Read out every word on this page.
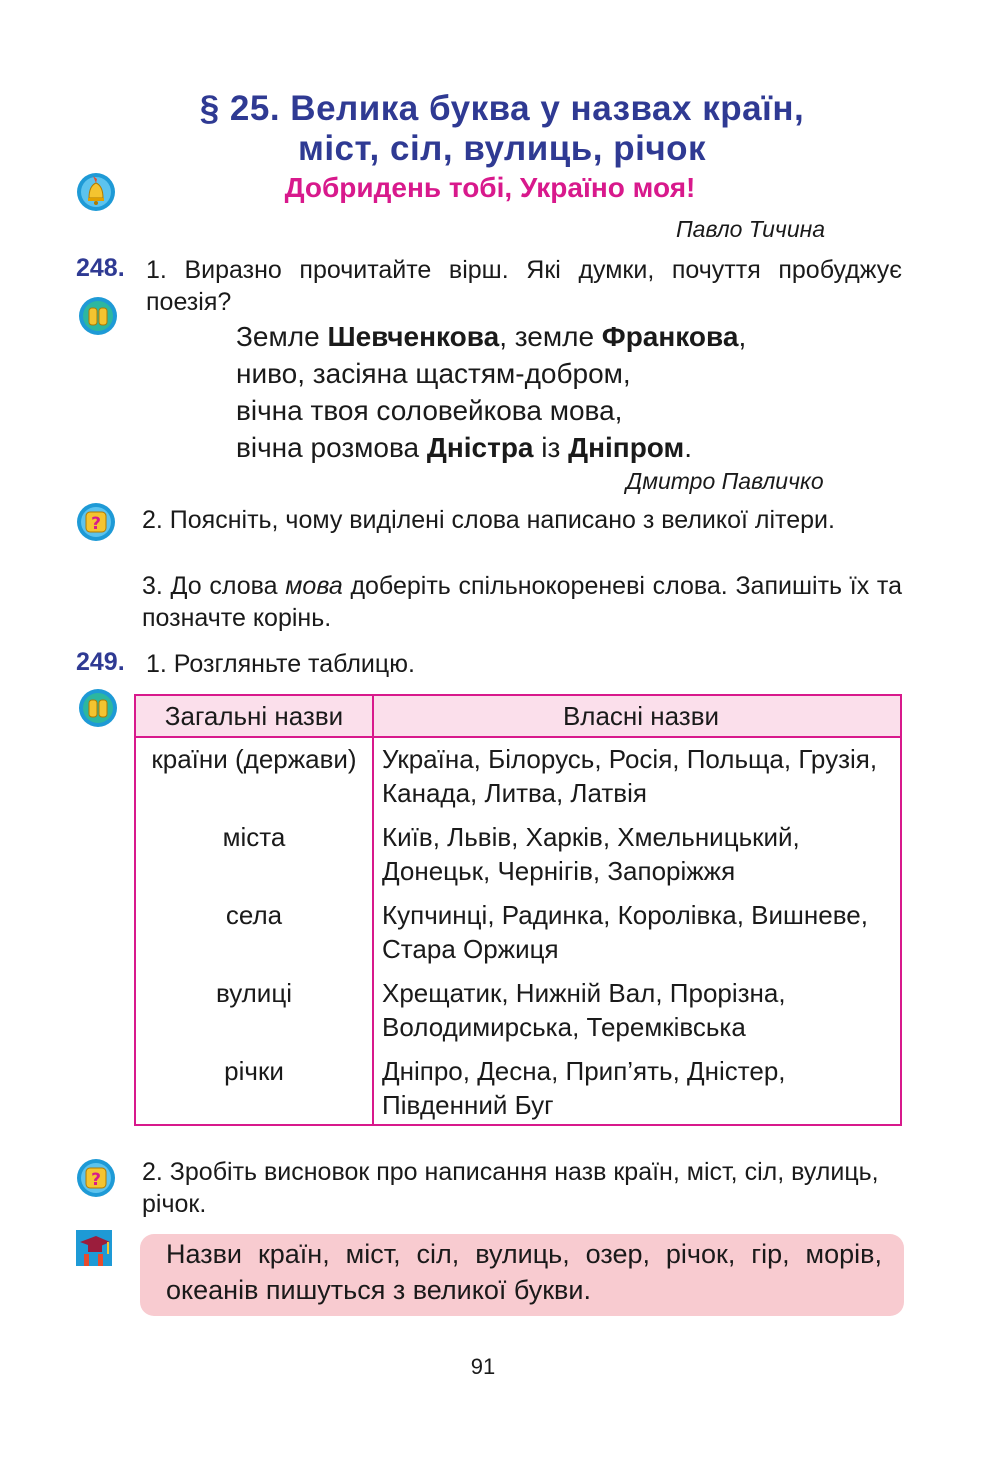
§ 25. Велика буква у назвах країн,
міст, сіл, вулиць, річок
Добридень тобі, Україно моя!
Павло Тичина
248. 1. Виразно прочитайте вірш. Які думки, почуття пробуджує поезія?
Земле Шевченкова, земле Франкова,
ниво, засіяна щастям-добром,
вічна твоя соловейкова мова,
вічна розмова Дністра із Дніпром.
Дмитро Павличко
? 2. Поясніть, чому виділені слова написано з великої літери.
3. До слова мова доберіть спільнокореневі слова. Запишіть їх та позначте корінь.
249. 1. Розгляньте таблицю.
Загальні назви	Власні назви
країни (держави)	Україна, Білорусь, Росія, Польща, Грузія, Канада, Литва, Латвія
міста	Київ, Львів, Харків, Хмельницький, Донецьк, Чернігів, Запоріжжя
села	Купчинці, Радинка, Королівка, Вишневе, Стара Оржиця
вулиці	Хрещатик, Нижній Вал, Прорізна, Володимирська, Теремківська
річки	Дніпро, Десна, Прип’ять, Дністер, Південний Буг
? 2. Зробіть висновок про написання назв країн, міст, сіл, вулиць, річок.
Назви країн, міст, сіл, вулиць, озер, річок, гір, морів, океанів пишуться з великої букви.
91
